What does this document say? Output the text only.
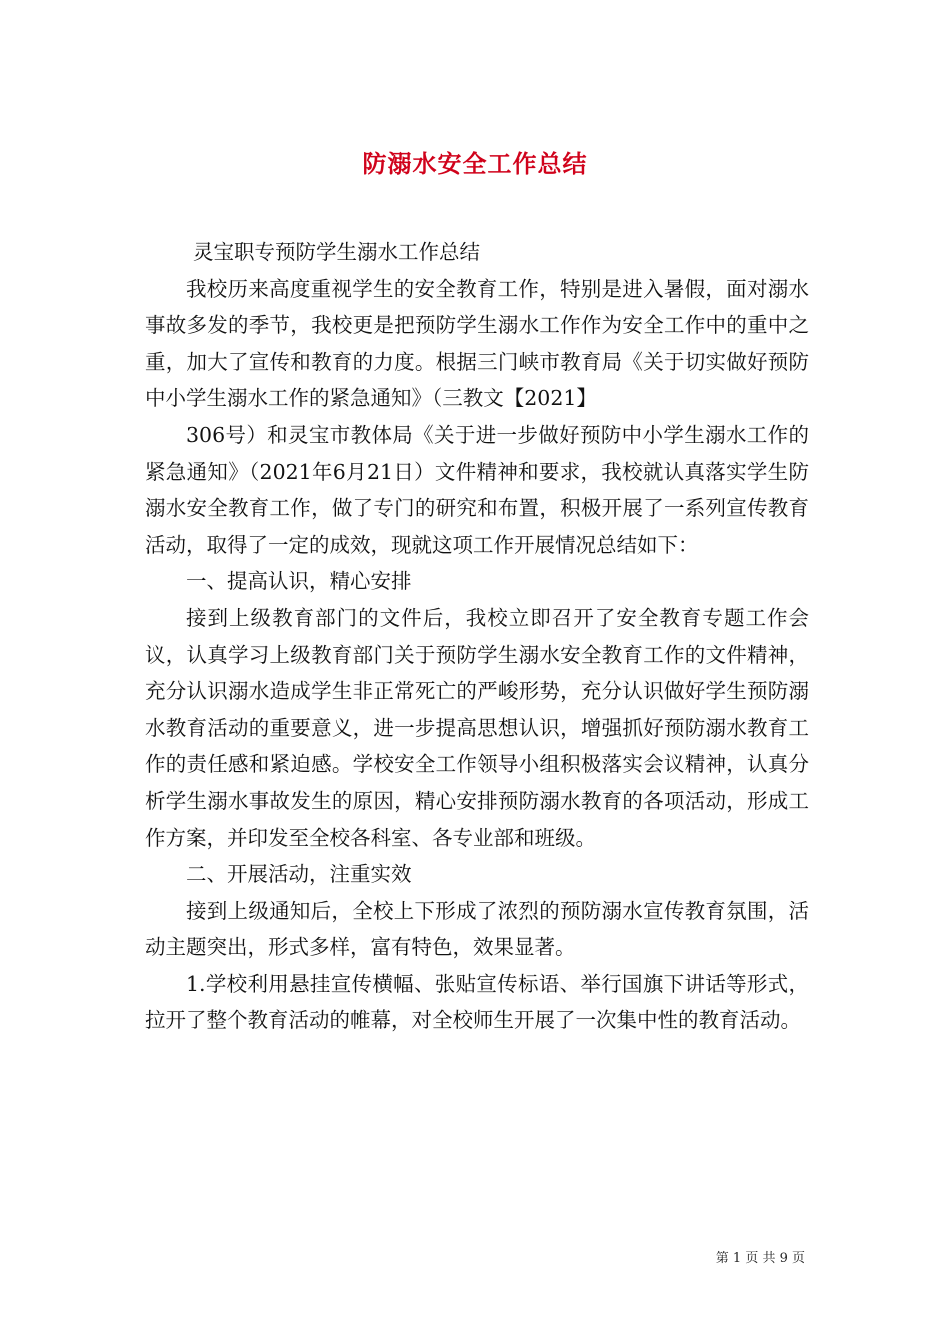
防溺水安全工作总结

灵宝职专预防学生溺水工作总结

我校历来高度重视学生的安全教育工作，特别是进入暑假，面对溺水事故多发的季节，我校更是把预防学生溺水工作作为安全工作中的重中之重，加大了宣传和教育的力度。根据三门峡市教育局《关于切实做好预防中小学生溺水工作的紧急通知》（三教文【2021】

306号）和灵宝市教体局《关于进一步做好预防中小学生溺水工作的紧急通知》（2021年6月21日）文件精神和要求，我校就认真落实学生防溺水安全教育工作，做了专门的研究和布置，积极开展了一系列宣传教育活动，取得了一定的成效，现就这项工作开展情况总结如下：

一、提高认识，精心安排

接到上级教育部门的文件后，我校立即召开了安全教育专题工作会议，认真学习上级教育部门关于预防学生溺水安全教育工作的文件精神，充分认识溺水造成学生非正常死亡的严峻形势，充分认识做好学生预防溺水教育活动的重要意义，进一步提高思想认识，增强抓好预防溺水教育工作的责任感和紧迫感。学校安全工作领导小组积极落实会议精神，认真分析学生溺水事故发生的原因，精心安排预防溺水教育的各项活动，形成工作方案，并印发至全校各科室、各专业部和班级。

二、开展活动，注重实效

接到上级通知后，全校上下形成了浓烈的预防溺水宣传教育氛围，活动主题突出，形式多样，富有特色，效果显著。

1.学校利用悬挂宣传横幅、张贴宣传标语、举行国旗下讲话等形式，拉开了整个教育活动的帷幕，对全校师生开展了一次集中性的教育活动。

第 1 页 共 9 页
